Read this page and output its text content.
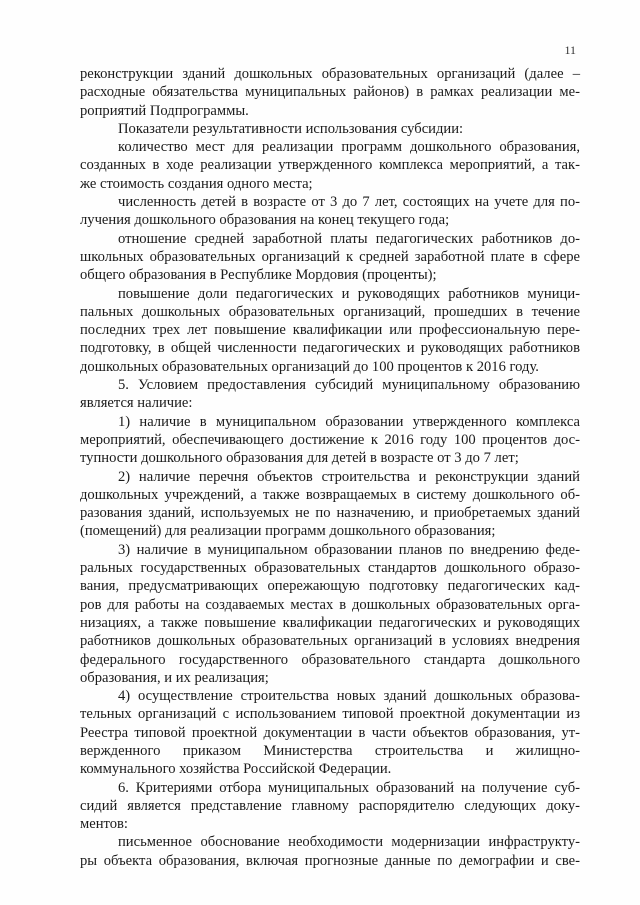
11
реконструкции зданий дошкольных образовательных организаций (далее –
расходные обязательства муниципальных районов) в рамках реализации ме-
роприятий Подпрограммы.
Показатели результативности использования субсидии:
количество мест для реализации программ дошкольного образования,
созданных в ходе реализации утвержденного комплекса мероприятий, а так-
же стоимость создания одного места;
численность детей в возрасте от 3 до 7 лет, состоящих на учете для по-
лучения дошкольного образования на конец текущего года;
отношение средней заработной платы педагогических работников до-
школьных образовательных организаций к средней заработной плате в сфере
общего образования в Республике Мордовия (проценты);
повышение доли педагогических и руководящих работников муници-
пальных дошкольных образовательных организаций, прошедших в течение
последних трех лет повышение квалификации или профессиональную пере-
подготовку, в общей численности педагогических и руководящих работников
дошкольных образовательных организаций до 100 процентов к 2016 году.
5. Условием предоставления субсидий муниципальному образованию
является наличие:
1) наличие в муниципальном образовании утвержденного комплекса
мероприятий, обеспечивающего достижение к 2016 году 100 процентов дос-
тупности дошкольного образования для детей в возрасте от 3 до 7 лет;
2) наличие перечня объектов строительства и реконструкции зданий
дошкольных учреждений, а также возвращаемых в систему дошкольного об-
разования зданий, используемых не по назначению, и приобретаемых зданий
(помещений) для реализации программ дошкольного образования;
3) наличие в муниципальном образовании планов по внедрению феде-
ральных государственных образовательных стандартов дошкольного образо-
вания, предусматривающих опережающую подготовку педагогических кад-
ров для работы на создаваемых местах в дошкольных образовательных орга-
низациях, а также повышение квалификации педагогических и руководящих
работников дошкольных образовательных организаций в условиях внедрения
федерального государственного образовательного стандарта дошкольного
образования, и их реализация;
4) осуществление строительства новых зданий дошкольных образова-
тельных организаций с использованием типовой проектной документации из
Реестра типовой проектной документации в части объектов образования, ут-
вержденного приказом Министерства строительства и жилищно-
коммунального хозяйства Российской Федерации.
6. Критериями отбора муниципальных образований на получение суб-
сидий является представление главному распорядителю следующих доку-
ментов:
письменное обоснование необходимости модернизации инфраструкту-
ры объекта образования, включая прогнозные данные по демографии и све-
